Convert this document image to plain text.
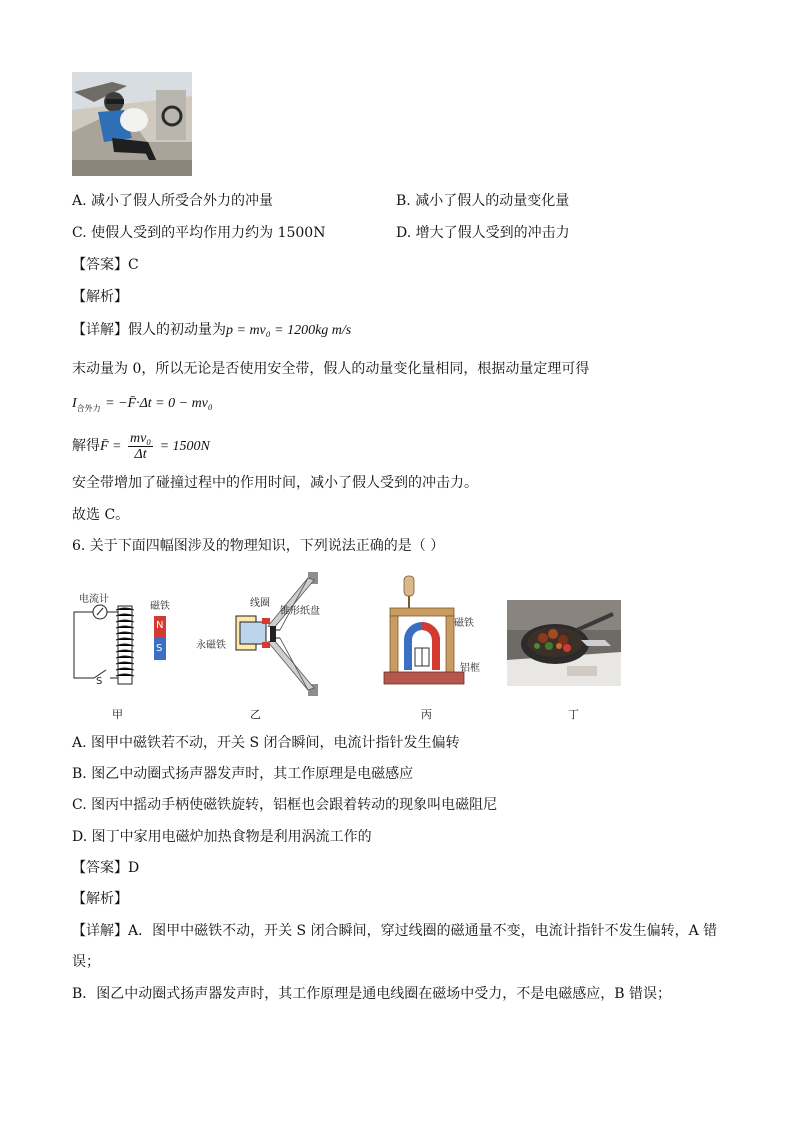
A. 减小了假人所受合外力的冲量	B. 减小了假人的动量变化量
C. 使假人受到的平均作用力约为 1500N	D. 增大了假人受到的冲击力
【答案】C
【解析】
【详解】假人的初动量为p = mv₀ = 1200kg m/s
末动量为 0，所以无论是否使用安全带，假人的动量变化量相同，根据动量定理可得
$I_{合外力}$ = −F̄·Δt = 0 − mv₀
解得F̄ = $\frac{\text{mv₀}}{\Delta t} = 1500N$
安全带增加了碰撞过程中的作用时间，减小了假人受到的冲击力。
故选 C。
6. 关于下面四幅图涉及的物理知识，下列说法正确的是（ ）
电流计
磁铁
N
S
S
甲
线圈
锥形纸盘
永磁铁
乙
磁铁
铝框
丙	丁
A. 图甲中磁铁若不动，开关 S 闭合瞬间，电流计指针发生偏转
B. 图乙中动圈式扬声器发声时，其工作原理是电磁感应
C. 图丙中摇动手柄使磁铁旋转，铝框也会跟着转动的现象叫电磁阻尼
D. 图丁中家用电磁炉加热食物是利用涡流工作的
【答案】D
【解析】
【详解】A．图甲中磁铁不动，开关 S 闭合瞬间，穿过线圈的磁通量不变，电流计指针不发生偏转，A 错
误；
B．图乙中动圈式扬声器发声时，其工作原理是通电线圈在磁场中受力，不是电磁感应，B 错误；
